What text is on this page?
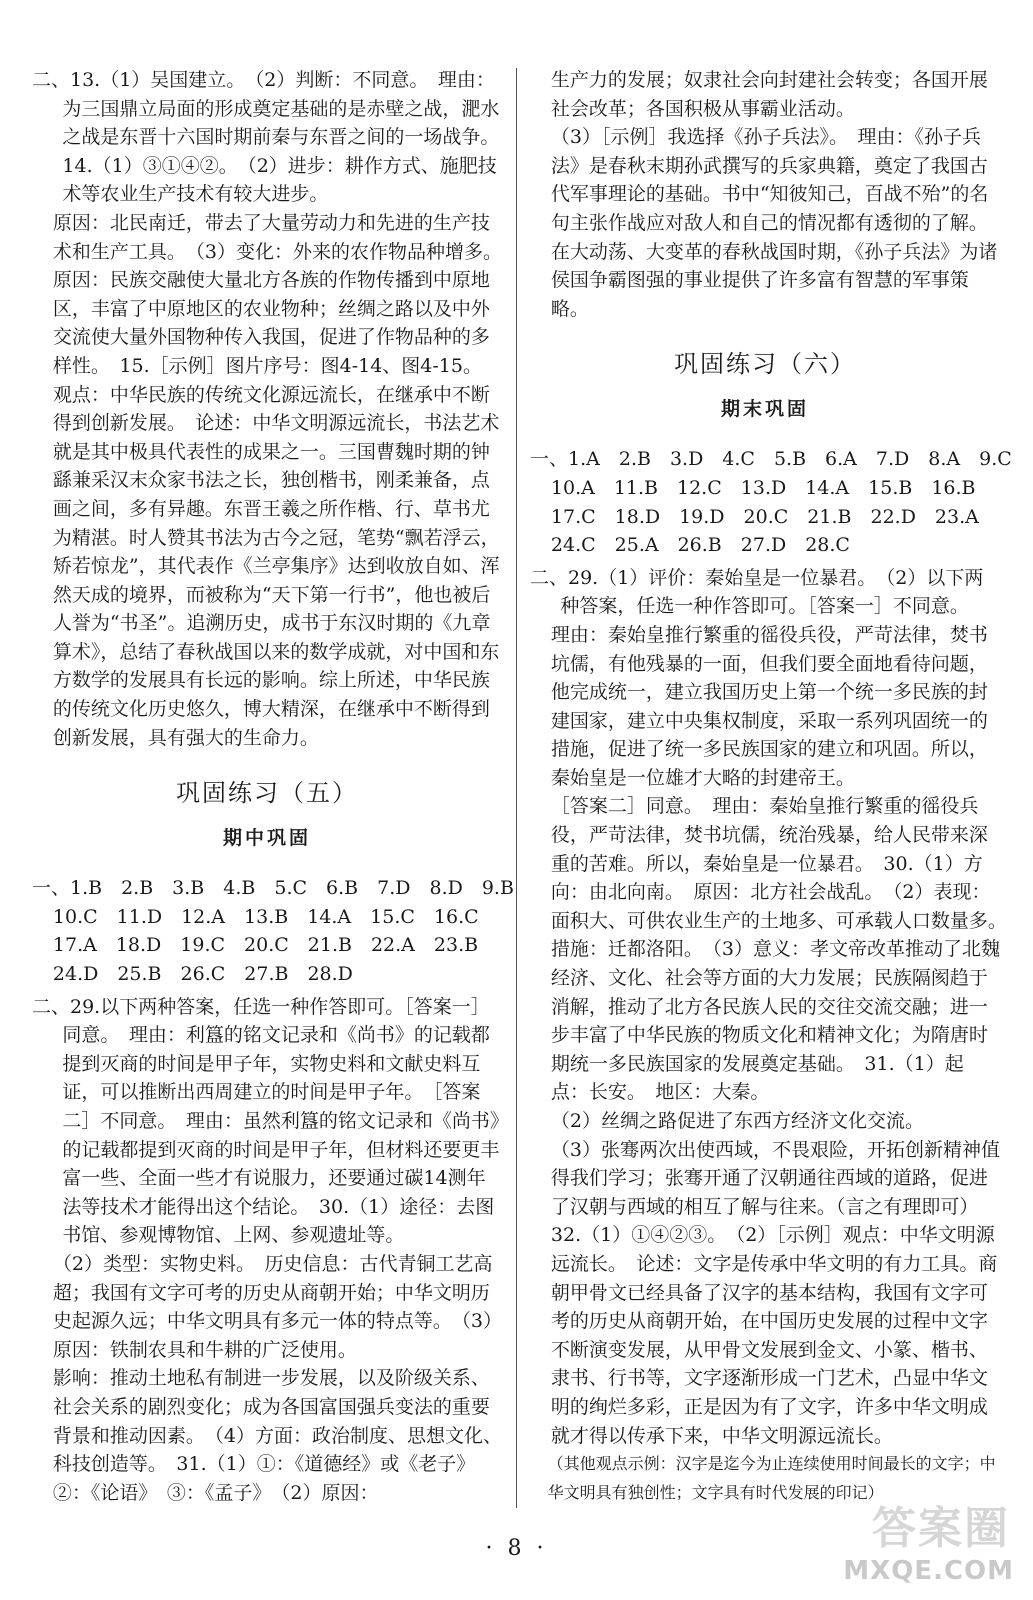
二、13.（1）吴国建立。　（2）判断：不同意。　理由：为三国鼎立局面的形成奠定基础的是赤壁之战，淝水之战是东晋十六国时期前秦与东晋之间的一场战争。　14.（1）③①④②。　（2）进步：耕作方式、施肥技术等农业生产技术有较大进步。

原因：北民南迁，带去了大量劳动力和先进的生产技术和生产工具。　（3）变化：外来的农作物品种增多。　原因：民族交融使大量北方各族的作物传播到中原地区，丰富了中原地区的农业物种；丝绸之路以及中外交流使大量外国物种传入我国，促进了作物品种的多样性。　15.［示例］图片序号：图4-14、图4-15。　观点：中华民族的传统文化源远流长，在继承中不断得到创新发展。　论述：中华文明源远流长，书法艺术就是其中极具代表性的成果之一。三国曹魏时期的钟繇兼采汉末众家书法之长，独创楷书，刚柔兼备，点画之间，多有异趣。东晋王羲之所作楷、行、草书尤为精湛。时人赞其书法为古今之冠，笔势“飘若浮云，矫若惊龙”，其代表作《兰亭集序》达到收放自如、浑然天成的境界，而被称为“天下第一行书”，他也被后人誉为“书圣”。追溯历史，成书于东汉时期的《九章算术》，总结了春秋战国以来的数学成就，对中国和东方数学的发展具有长远的影响。综上所述，中华民族的传统文化历史悠久，博大精深，在继承中不断得到创新发展，具有强大的生命力。

巩固练习（五）
期中巩固
一、1.B　2.B　3.B　4.B　5.C　6.B　7.D　8.D　9.B
10.C　11.D　12.A　13.B　14.A　15.C　16.C
17.A　18.D　19.C　20.C　21.B　22.A　23.B
24.D　25.B　26.C　27.B　28.D

二、29.以下两种答案，任选一种作答即可。［答案一］同意。　理由：利簋的铭文记录和《尚书》的记载都提到灭商的时间是甲子年，实物史料和文献史料互证，可以推断出西周建立的时间是甲子年。　［答案二］不同意。　理由：虽然利簋的铭文记录和《尚书》的记载都提到灭商的时间是甲子年，但材料还要更丰富一些、全面一些才有说服力，还要通过碳14测年法等技术才能得出这个结论。　30.（1）途径：去图书馆、参观博物馆、上网、参观遗址等。

（2）类型：实物史料。　历史信息：古代青铜工艺高超；我国有文字可考的历史从商朝开始；中华文明历史起源久远；中华文明具有多元一体的特点等。　（3）原因：铁制农具和牛耕的广泛使用。

影响：推动土地私有制进一步发展，以及阶级关系、社会关系的剧烈变化；成为各国富国强兵变法的重要背景和推动因素。　（4）方面：政治制度、思想文化、科技创造等。　31.（1）①：《道德经》或《老子》　②：《论语》　③：《孟子》　（2）原因：

生产力的发展；奴隶社会向封建社会转变；各国开展社会改革；各国积极从事霸业活动。

（3）［示例］我选择《孙子兵法》。　理由：《孙子兵法》是春秋末期孙武撰写的兵家典籍，奠定了我国古代军事理论的基础。书中“知彼知己，百战不殆”的名句主张作战应对敌人和自己的情况都有透彻的了解。在大动荡、大变革的春秋战国时期，《孙子兵法》为诸侯国争霸图强的事业提供了许多富有智慧的军事策略。

巩固练习（六）
期末巩固
一、1.A　2.B　3.D　4.C　5.B　6.A　7.D　8.A　9.C
10.A　11.B　12.C　13.D　14.A　15.B　16.B
17.C　18.D　19.D　20.C　21.B　22.D　23.A
24.C　25.A　26.B　27.D　28.C

二、29.（1）评价：秦始皇是一位暴君。　（2）以下两种答案，任选一种作答即可。［答案一］不同意。

理由：秦始皇推行繁重的徭役兵役，严苛法律，焚书坑儒，有他残暴的一面，但我们要全面地看待问题，他完成统一，建立我国历史上第一个统一多民族的封建国家，建立中央集权制度，采取一系列巩固统一的措施，促进了统一多民族国家的建立和巩固。所以，秦始皇是一位雄才大略的封建帝王。

［答案二］同意。　理由：秦始皇推行繁重的徭役兵役，严苛法律，焚书坑儒，统治残暴，给人民带来深重的苦难。所以，秦始皇是一位暴君。　30.（1）方向：由北向南。　原因：北方社会战乱。　（2）表现：面积大、可供农业生产的土地多、可承载人口数量多。　措施：迁都洛阳。　（3）意义：孝文帝改革推动了北魏经济、文化、社会等方面的大力发展；民族隔阂趋于消解，推动了北方各民族人民的交往交流交融；进一步丰富了中华民族的物质文化和精神文化；为隋唐时期统一多民族国家的发展奠定基础。　31.（1）起点：长安。　地区：大秦。

（2）丝绸之路促进了东西方经济文化交流。

（3）张骞两次出使西域，不畏艰险，开拓创新精神值得我们学习；张骞开通了汉朝通往西域的道路，促进了汉朝与西域的相互了解与往来。（言之有理即可）

32.（1）①④②③。　（2）［示例］观点：中华文明源远流长。　论述：文字是传承中华文明的有力工具。商朝甲骨文已经具备了汉字的基本结构，我国有文字可考的历史从商朝开始，在中国历史发展的过程中文字不断演变发展，从甲骨文发展到金文、小篆、楷书、隶书、行书等，文字逐渐形成一门艺术，凸显中华文明的绚烂多彩，正是因为有了文字，许多中华文明成就才得以传承下来，中华文明源远流长。

（其他观点示例：汉字是迄今为止连续使用时间最长的文字；中华文明具有独创性；文字具有时代发展的印记）

· 8 ·	答案圈
MXQE.COM
